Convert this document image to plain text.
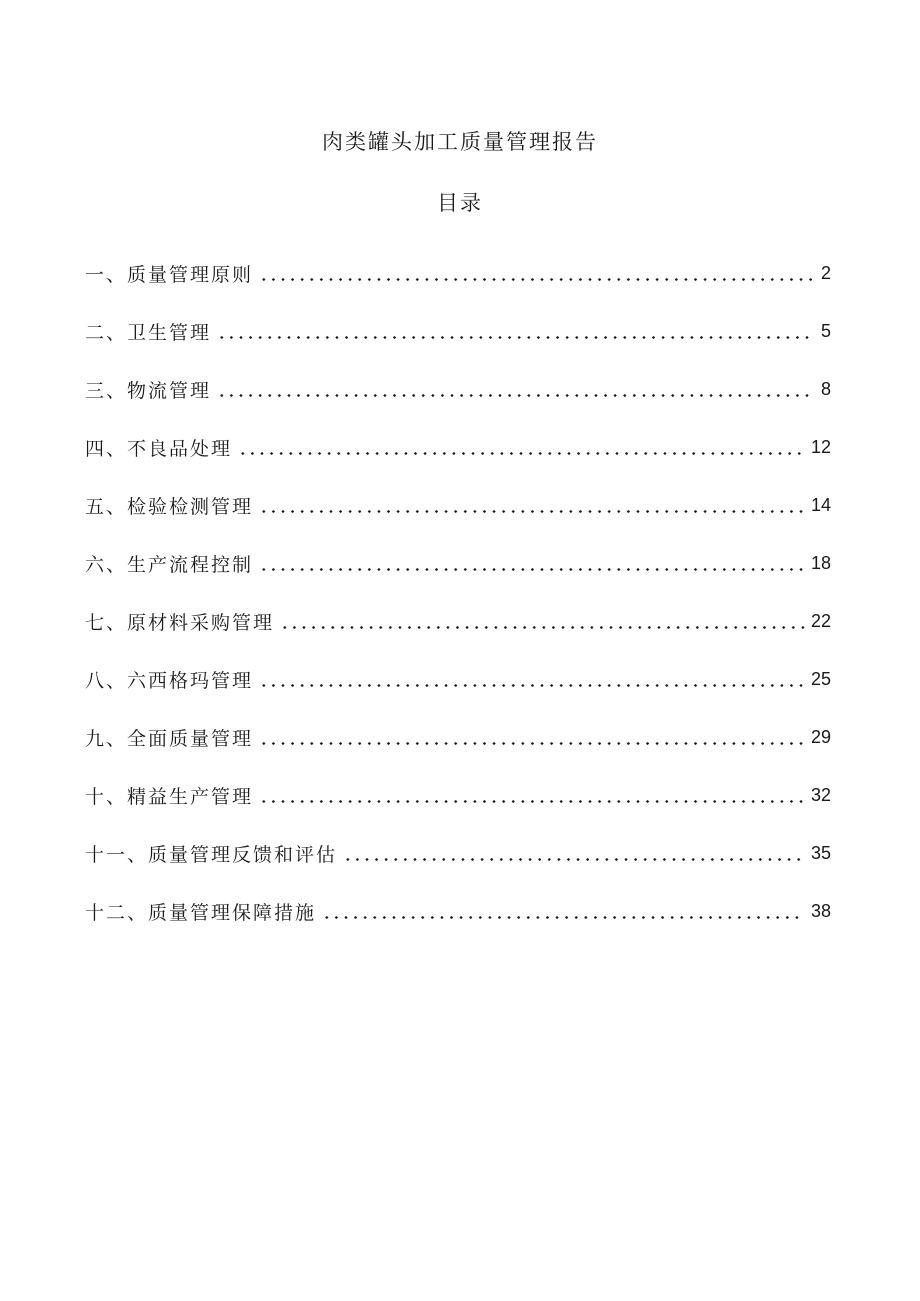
肉类罐头加工质量管理报告
目录
一、质量管理原则	2
二、卫生管理	5
三、物流管理	8
四、不良品处理	12
五、检验检测管理	14
六、生产流程控制	18
七、原材料采购管理	22
八、六西格玛管理	25
九、全面质量管理	29
十、精益生产管理	32
十一、质量管理反馈和评估	35
十二、质量管理保障措施	38
